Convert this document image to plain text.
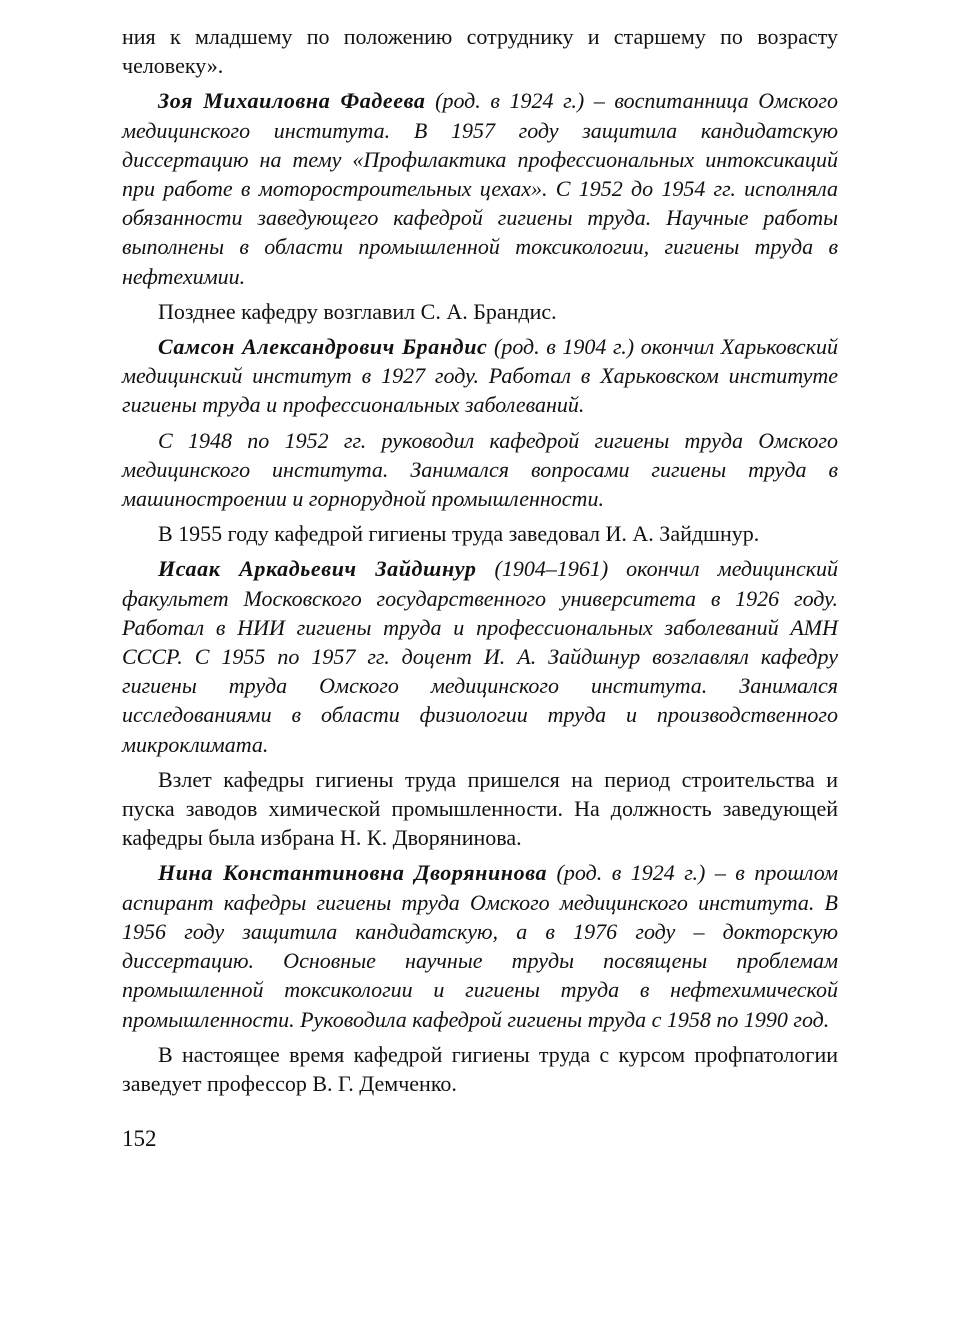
ния к младшему по положению сотруднику и старшему по возрасту человеку».

Зоя Михаиловна Фадеева (род. в 1924 г.) – воспитанница Омского медицинского института. В 1957 году защитила кандидатскую диссертацию на тему «Профилактика профессиональных интоксикаций при работе в моторостроительных цехах». С 1952 до 1954 гг. исполняла обязанности заведующего кафедрой гигиены труда. Научные работы выполнены в области промышленной токсикологии, гигиены труда в нефтехимии.

Позднее кафедру возглавил С. А. Брандис.

Самсон Александрович Брандис (род. в 1904 г.) окончил Харьковский медицинский институт в 1927 году. Работал в Харьковском институте гигиены труда и профессиональных заболеваний.

С 1948 по 1952 гг. руководил кафедрой гигиены труда Омского медицинского института. Занимался вопросами гигиены труда в машиностроении и горнорудной промышленности.

В 1955 году кафедрой гигиены труда заведовал И. А. Зайдшнур.

Исаак Аркадьевич Зайдшнур (1904–1961) окончил медицинский факультет Московского государственного университета в 1926 году. Работал в НИИ гигиены труда и профессиональных заболеваний АМН СССР. С 1955 по 1957 гг. доцент И. А. Зайдшнур возглавлял кафедру гигиены труда Омского медицинского института. Занимался исследованиями в области физиологии труда и производственного микроклимата.

Взлет кафедры гигиены труда пришелся на период строительства и пуска заводов химической промышленности. На должность заведующей кафедры была избрана Н. К. Дворянинова.

Нина Константиновна Дворянинова (род. в 1924 г.) – в прошлом аспирант кафедры гигиены труда Омского медицинского института. В 1956 году защитила кандидатскую, а в 1976 году – докторскую диссертацию. Основные научные труды посвящены проблемам промышленной токсикологии и гигиены труда в нефтехимической промышленности. Руководила кафедрой гигиены труда с 1958 по 1990 год.

В настоящее время кафедрой гигиены труда с курсом профпатологии заведует профессор В. Г. Демченко.

152
